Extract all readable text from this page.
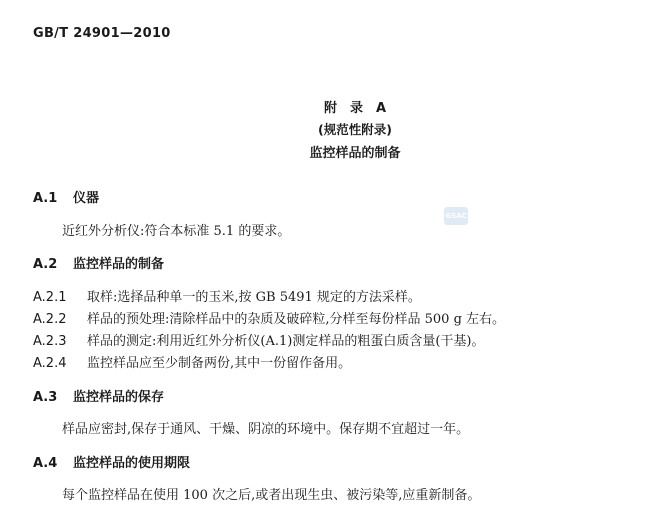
GB/T 24901—2010
附　录　A
(规范性附录)
监控样品的制备
GSAC
A.1 仪器
近红外分析仪:符合本标准 5.1 的要求。
A.2 监控样品的制备
A.2.1 取样:选择品种单一的玉米,按 GB 5491 规定的方法采样。
A.2.2 样品的预处理:清除样品中的杂质及破碎粒,分样至每份样品 500 g 左右。
A.2.3 样品的测定:利用近红外分析仪(A.1)测定样品的粗蛋白质含量(干基)。
A.2.4 监控样品应至少制备两份,其中一份留作备用。
A.3 监控样品的保存
样品应密封,保存于通风、干燥、阴凉的环境中。保存期不宜超过一年。
A.4 监控样品的使用期限
每个监控样品在使用 100 次之后,或者出现生虫、被污染等,应重新制备。
